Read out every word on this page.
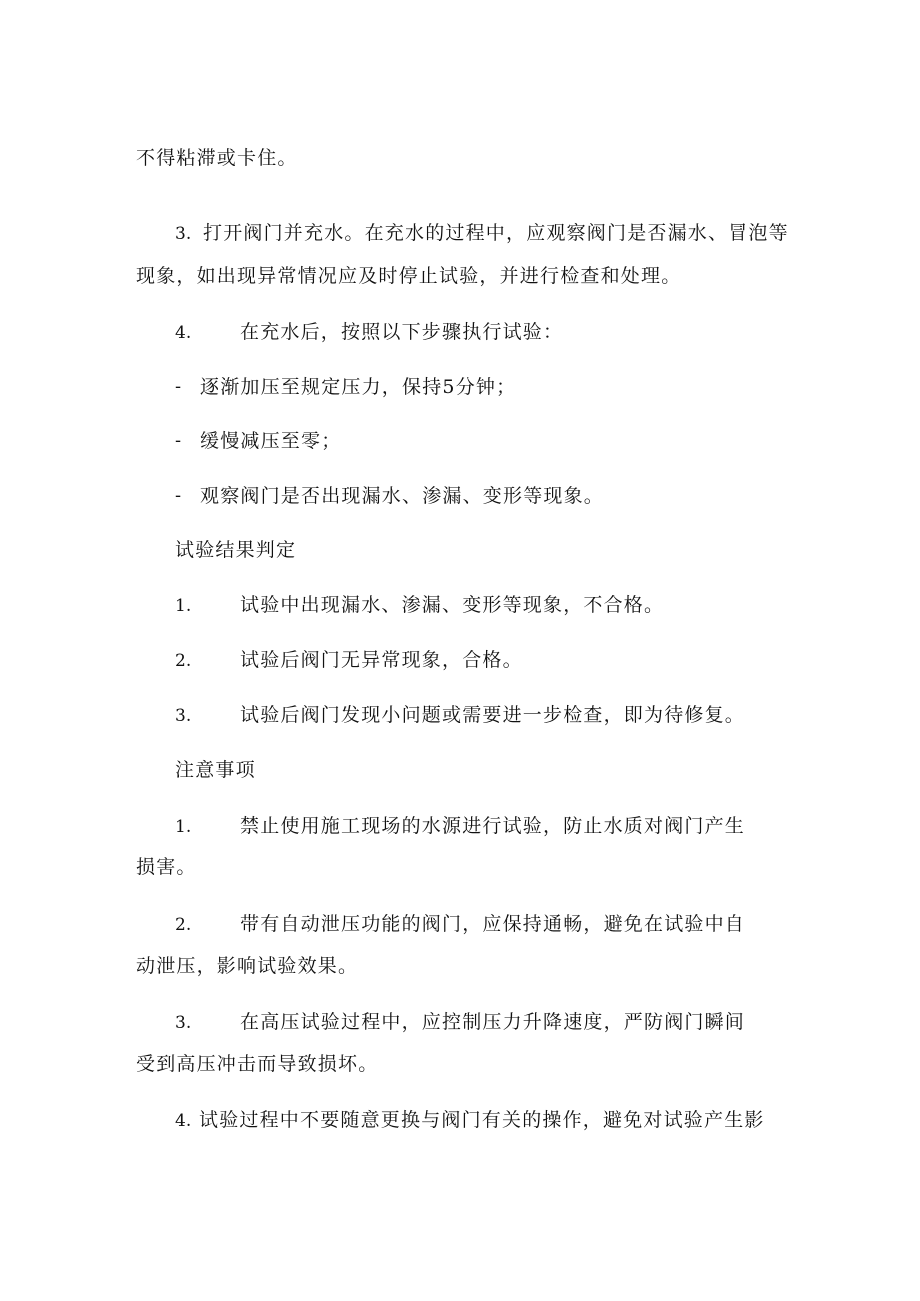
不得粘滞或卡住。
3. 打开阀门并充水。在充水的过程中，应观察阀门是否漏水、冒泡等
现象，如出现异常情况应及时停止试验，并进行检查和处理。
4.	在充水后，按照以下步骤执行试验：
- 逐渐加压至规定压力，保持5分钟；
- 缓慢减压至零；
- 观察阀门是否出现漏水、渗漏、变形等现象。
试验结果判定
1.	试验中出现漏水、渗漏、变形等现象，不合格。
2.	试验后阀门无异常现象，合格。
3.	试验后阀门发现小问题或需要进一步检查，即为待修复。
注意事项
1.	禁止使用施工现场的水源进行试验，防止水质对阀门产生
损害。
2.	带有自动泄压功能的阀门，应保持通畅，避免在试验中自
动泄压，影响试验效果。
3.	在高压试验过程中，应控制压力升降速度，严防阀门瞬间
受到高压冲击而导致损坏。
4. 试验过程中不要随意更换与阀门有关的操作，避免对试验产生影
